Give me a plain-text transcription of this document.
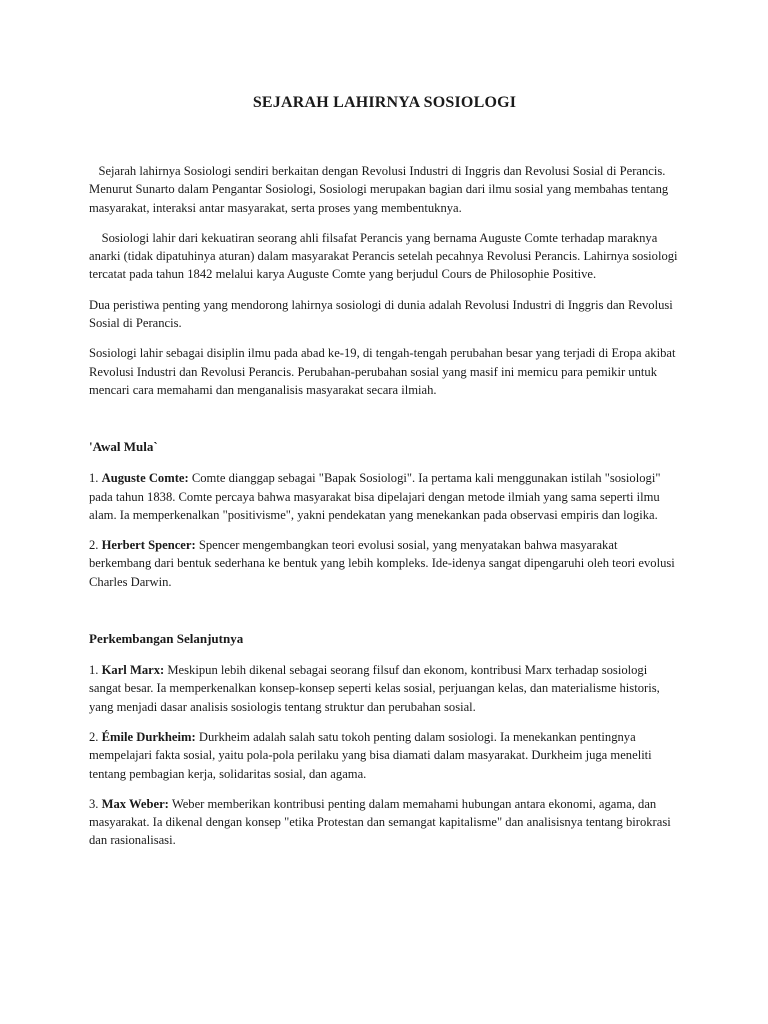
SEJARAH LAHIRNYA SOSIOLOGI

Sejarah lahirnya Sosiologi sendiri berkaitan dengan Revolusi Industri di Inggris dan Revolusi Sosial di Perancis. Menurut Sunarto dalam Pengantar Sosiologi, Sosiologi merupakan bagian dari ilmu sosial yang membahas tentang masyarakat, interaksi antar masyarakat, serta proses yang membentuknya.

Sosiologi lahir dari kekuatiran seorang ahli filsafat Perancis yang bernama Auguste Comte terhadap maraknya anarki (tidak dipatuhinya aturan) dalam masyarakat Perancis setelah pecahnya Revolusi Perancis. Lahirnya sosiologi tercatat pada tahun 1842 melalui karya Auguste Comte yang berjudul Cours de Philosophie Positive.

Dua peristiwa penting yang mendorong lahirnya sosiologi di dunia adalah Revolusi Industri di Inggris dan Revolusi Sosial di Perancis.

Sosiologi lahir sebagai disiplin ilmu pada abad ke-19, di tengah-tengah perubahan besar yang terjadi di Eropa akibat Revolusi Industri dan Revolusi Perancis. Perubahan-perubahan sosial yang masif ini memicu para pemikir untuk mencari cara memahami dan menganalisis masyarakat secara ilmiah.

'Awal Mula`

1. Auguste Comte: Comte dianggap sebagai "Bapak Sosiologi". Ia pertama kali menggunakan istilah "sosiologi" pada tahun 1838. Comte percaya bahwa masyarakat bisa dipelajari dengan metode ilmiah yang sama seperti ilmu alam. Ia memperkenalkan "positivisme", yakni pendekatan yang menekankan pada observasi empiris dan logika.

2. Herbert Spencer: Spencer mengembangkan teori evolusi sosial, yang menyatakan bahwa masyarakat berkembang dari bentuk sederhana ke bentuk yang lebih kompleks. Ide-idenya sangat dipengaruhi oleh teori evolusi Charles Darwin.

Perkembangan Selanjutnya

1. Karl Marx: Meskipun lebih dikenal sebagai seorang filsuf dan ekonom, kontribusi Marx terhadap sosiologi sangat besar. Ia memperkenalkan konsep-konsep seperti kelas sosial, perjuangan kelas, dan materialisme historis, yang menjadi dasar analisis sosiologis tentang struktur dan perubahan sosial.

2. Émile Durkheim: Durkheim adalah salah satu tokoh penting dalam sosiologi. Ia menekankan pentingnya mempelajari fakta sosial, yaitu pola-pola perilaku yang bisa diamati dalam masyarakat. Durkheim juga meneliti tentang pembagian kerja, solidaritas sosial, dan agama.

3. Max Weber: Weber memberikan kontribusi penting dalam memahami hubungan antara ekonomi, agama, dan masyarakat. Ia dikenal dengan konsep "etika Protestan dan semangat kapitalisme" dan analisisnya tentang birokrasi dan rasionalisasi.
